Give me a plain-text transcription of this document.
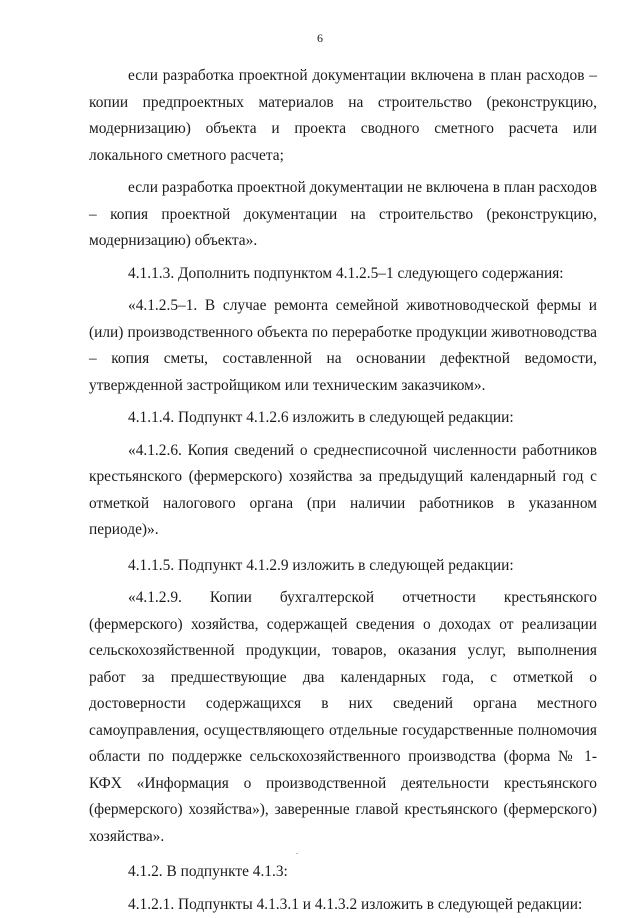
6

если разработка проектной документации включена в план расходов – копии предпроектных материалов на строительство (реконструкцию, модернизацию) объекта и проекта сводного сметного расчета или локального сметного расчета;

если разработка проектной документации не включена в план расходов – копия проектной документации на строительство (реконструкцию, модернизацию) объекта».

4.1.1.3. Дополнить подпунктом 4.1.2.5–1 следующего содержания:

«4.1.2.5–1. В случае ремонта семейной животноводческой фермы и (или) производственного объекта по переработке продукции животноводства – копия сметы, составленной на основании дефектной ведомости, утвержденной застройщиком или техническим заказчиком».

4.1.1.4. Подпункт 4.1.2.6 изложить в следующей редакции:

«4.1.2.6. Копия сведений о среднесписочной численности работников крестьянского (фермерского) хозяйства за предыдущий календарный год с отметкой налогового органа (при наличии работников в указанном периоде)».

4.1.1.5. Подпункт 4.1.2.9 изложить в следующей редакции:

«4.1.2.9. Копии бухгалтерской отчетности крестьянского (фермерского) хозяйства, содержащей сведения о доходах от реализации сельскохозяйственной продукции, товаров, оказания услуг, выполнения работ за предшествующие два календарных года, с отметкой о достоверности содержащихся в них сведений органа местного самоуправления, осуществляющего отдельные государственные полномочия области по поддержке сельскохозяйственного производства (форма № 1-КФХ «Информация о производственной деятельности крестьянского (фермерского) хозяйства»), заверенные главой крестьянского (фермерского) хозяйства».

4.1.2. В подпункте 4.1.3:

4.1.2.1. Подпункты 4.1.3.1 и 4.1.3.2 изложить в следующей редакции:
